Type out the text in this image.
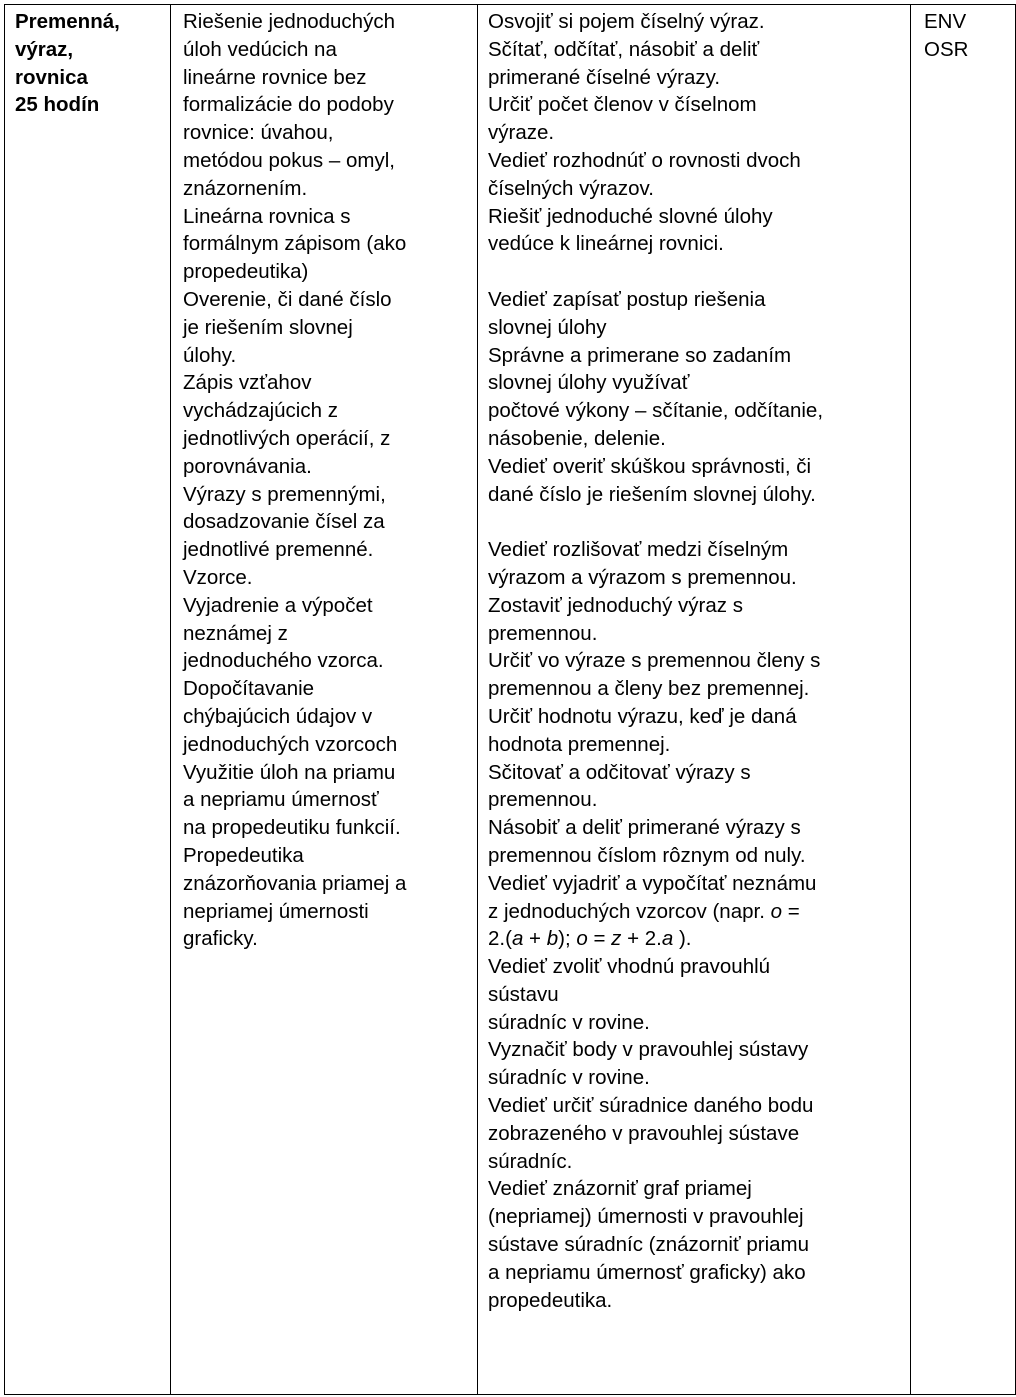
Premenná,
výraz,
rovnica
25 hodín

Riešenie jednoduchých
úloh vedúcich na
lineárne rovnice bez
formalizácie do podoby
rovnice: úvahou,
metódou pokus – omyl,
znázornením.
Lineárna rovnica s
formálnym zápisom (ako
propedeutika)
Overenie, či dané číslo
je riešením slovnej
úlohy.
Zápis vzťahov
vychádzajúcich z
jednotlivých operácií, z
porovnávania.
Výrazy s premennými,
dosadzovanie čísel za
jednotlivé premenné.
Vzorce.
Vyjadrenie a výpočet
neznámej z
jednoduchého vzorca.
Dopočítavanie
chýbajúcich údajov v
jednoduchých vzorcoch
Využitie úloh na priamu
a nepriamu úmernosť
na propedeutiku funkcií.
Propedeutika
znázorňovania priamej a
nepriamej úmernosti
graficky.

Osvojiť si pojem číselný výraz.
Sčítať, odčítať, násobiť a deliť
primerané číselné výrazy.
Určiť počet členov v číselnom
výraze.
Vedieť rozhodnúť o rovnosti dvoch
číselných výrazov.
Riešiť jednoduché slovné úlohy
vedúce k lineárnej rovnici.
Vedieť zapísať postup riešenia
slovnej úlohy
Správne a primerane so zadaním
slovnej úlohy využívať
počtové výkony – sčítanie, odčítanie,
násobenie, delenie.
Vedieť overiť skúškou správnosti, či
dané číslo je riešením slovnej úlohy.
Vedieť rozlišovať medzi číselným
výrazom a výrazom s premennou.
Zostaviť jednoduchý výraz s
premennou.
Určiť vo výraze s premennou členy s
premennou a členy bez premennej.
Určiť hodnotu výrazu, keď je daná
hodnota premennej.
Sčitovať a odčitovať výrazy s
premennou.
Násobiť a deliť primerané výrazy s
premennou číslom rôznym od nuly.
Vedieť vyjadriť a vypočítať neznámu
z jednoduchých vzorcov (napr. o =
2.(a + b); o = z + 2.a ).
Vedieť zvoliť vhodnú pravouhlú
sústavu
súradníc v rovine.
Vyznačiť body v pravouhlej sústavy
súradníc v rovine.
Vedieť určiť súradnice daného bodu
zobrazeného v pravouhlej sústave
súradníc.
Vedieť znázorniť graf priamej
(nepriamej) úmernosti v pravouhlej
sústave súradníc (znázorniť priamu
a nepriamu úmernosť graficky) ako
propedeutika.

ENV
OSR
